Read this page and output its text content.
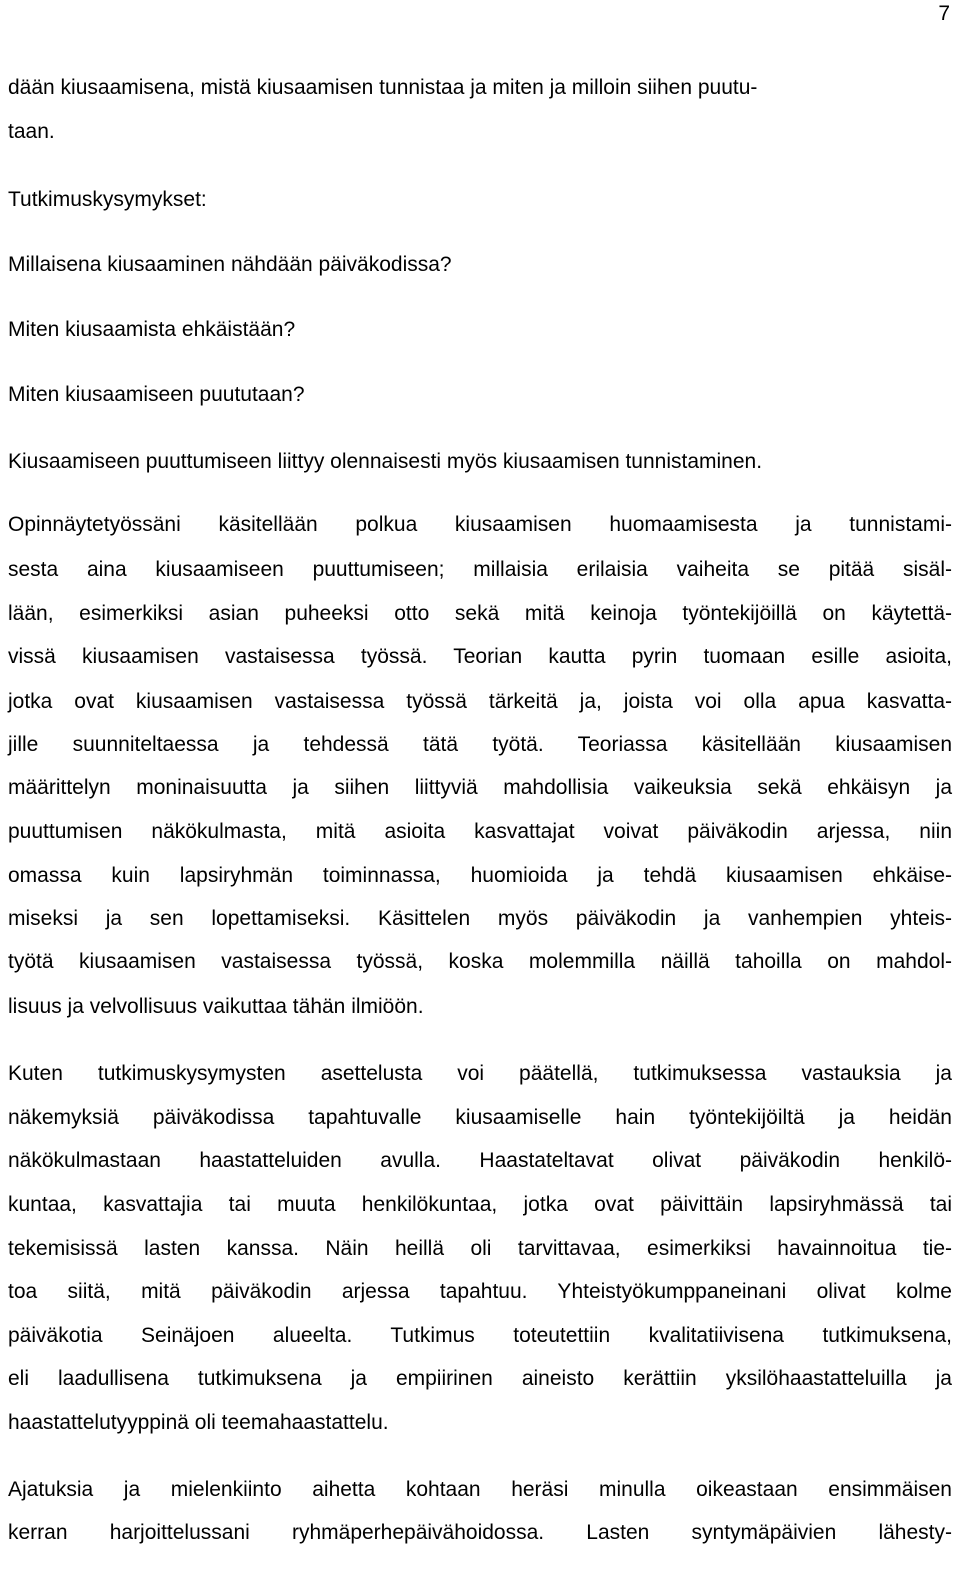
7
dään kiusaamisena, mistä kiusaamisen tunnistaa ja miten ja milloin siihen puutu-
taan.
Tutkimuskysymykset:
Millaisena kiusaaminen nähdään päiväkodissa?
Miten kiusaamista ehkäistään?
Miten kiusaamiseen puututaan?
Kiusaamiseen puuttumiseen liittyy olennaisesti myös kiusaamisen tunnistaminen.
Opinnäytetyössäni käsitellään polkua kiusaamisen huomaamisesta ja tunnistami-
sesta aina kiusaamiseen puuttumiseen; millaisia erilaisia vaiheita se pitää sisäl-
lään, esimerkiksi asian puheeksi otto sekä mitä keinoja työntekijöillä on käytettä-
vissä kiusaamisen vastaisessa työssä. Teorian kautta pyrin tuomaan esille asioita,
jotka ovat kiusaamisen vastaisessa työssä tärkeitä ja, joista voi olla apua kasvatta-
jille suunniteltaessa ja tehdessä tätä työtä. Teoriassa käsitellään kiusaamisen
määrittelyn moninaisuutta ja siihen liittyviä mahdollisia vaikeuksia sekä ehkäisyn ja
puuttumisen näkökulmasta, mitä asioita kasvattajat voivat päiväkodin arjessa, niin
omassa kuin lapsiryhmän toiminnassa, huomioida ja tehdä kiusaamisen ehkäise-
miseksi ja sen lopettamiseksi. Käsittelen myös päiväkodin ja vanhempien yhteis-
työtä kiusaamisen vastaisessa työssä, koska molemmilla näillä tahoilla on mahdol-
lisuus ja velvollisuus vaikuttaa tähän ilmiöön.
Kuten tutkimuskysymysten asettelusta voi päätellä, tutkimuksessa vastauksia ja
näkemyksiä päiväkodissa tapahtuvalle kiusaamiselle hain työntekijöiltä ja heidän
näkökulmastaan haastatteluiden avulla. Haastateltavat olivat päiväkodin henkilö-
kuntaa, kasvattajia tai muuta henkilökuntaa, jotka ovat päivittäin lapsiryhmässä tai
tekemisissä lasten kanssa. Näin heillä oli tarvittavaa, esimerkiksi havainnoitua tie-
toa siitä, mitä päiväkodin arjessa tapahtuu. Yhteistyökumppaneinani olivat kolme
päiväkotia Seinäjoen alueelta. Tutkimus toteutettiin kvalitatiivisena tutkimuksena,
eli laadullisena tutkimuksena ja empiirinen aineisto kerättiin yksilöhaastatteluilla ja
haastattelutyyppinä oli teemahaastattelu.
Ajatuksia ja mielenkiinto aihetta kohtaan heräsi minulla oikeastaan ensimmäisen
kerran harjoittelussani ryhmäperhepäivähoidossa. Lasten syntymäpäivien lähesty-
